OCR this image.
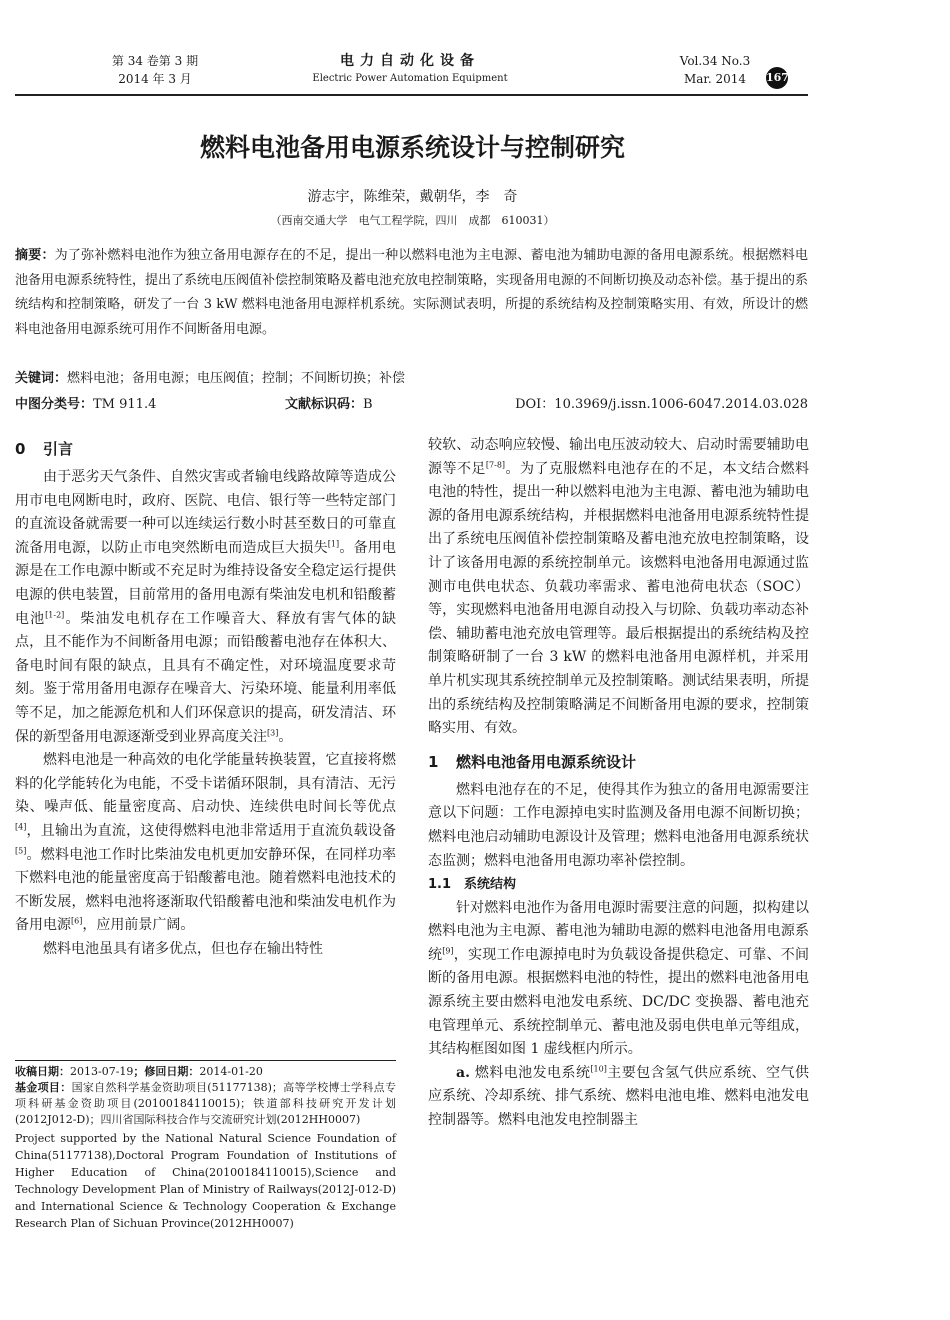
第 34 卷第 3 期
2014 年 3 月
电力自动化设备
Electric Power Automation Equipment
Vol.34 No.3
Mar. 2014	167
燃料电池备用电源系统设计与控制研究
游志宇，陈维荣，戴朝华，李　奇
（西南交通大学　电气工程学院，四川　成都　610031）
摘要：为了弥补燃料电池作为独立备用电源存在的不足，提出一种以燃料电池为主电源、蓄电池为辅助电源的备用电源系统。根据燃料电池备用电源系统特性，提出了系统电压阀值补偿控制策略及蓄电池充放电控制策略，实现备用电源的不间断切换及动态补偿。基于提出的系统结构和控制策略，研发了一台 3 kW 燃料电池备用电源样机系统。实际测试表明，所提的系统结构及控制策略实用、有效，所设计的燃料电池备用电源系统可用作不间断备用电源。
关键词：燃料电池；备用电源；电压阀值；控制；不间断切换；补偿
中图分类号：TM 911.4	文献标识码：B	DOI：10.3969/j.issn.1006-6047.2014.03.028
0 引言

由于恶劣天气条件、自然灾害或者输电线路故障等造成公用市电电网断电时，政府、医院、电信、银行等一些特定部门的直流设备就需要一种可以连续运行数小时甚至数日的可靠直流备用电源，以防止市电突然断电而造成巨大损失[1]。备用电源是在工作电源中断或不充足时为维持设备安全稳定运行提供电源的供电装置，目前常用的备用电源有柴油发电机和铅酸蓄电池[1-2]。柴油发电机存在工作噪音大、释放有害气体的缺点，且不能作为不间断备用电源；而铅酸蓄电池存在体积大、备电时间有限的缺点，且具有不确定性，对环境温度要求苛刻。鉴于常用备用电源存在噪音大、污染环境、能量利用率低等不足，加之能源危机和人们环保意识的提高，研发清洁、环保的新型备用电源逐渐受到业界高度关注[3]。

燃料电池是一种高效的电化学能量转换装置，它直接将燃料的化学能转化为电能，不受卡诺循环限制，具有清洁、无污染、噪声低、能量密度高、启动快、连续供电时间长等优点[4]，且输出为直流，这使得燃料电池非常适用于直流负载设备[5]。燃料电池工作时比柴油发电机更加安静环保，在同样功率下燃料电池的能量密度高于铅酸蓄电池。随着燃料电池技术的不断发展，燃料电池将逐渐取代铅酸蓄电池和柴油发电机作为备用电源[6]，应用前景广阔。

燃料电池虽具有诸多优点，但也存在输出特性

收稿日期：2013-07-19；修回日期：2014-01-20

基金项目：国家自然科学基金资助项目(51177138)；高等学校博士学科点专项科研基金资助项目(20100184110015)；铁道部科技研究开发计划(2012J012-D)；四川省国际科技合作与交流研究计划(2012HH0007)

Project supported by the National Natural Science Foundation of China(51177138),Doctoral Program Foundation of Institutions of Higher Education of China(20100184110015),Science and Technology Development Plan of Ministry of Railways(2012J-012-D) and International Science & Technology Cooperation & Exchange Research Plan of Sichuan Province(2012HH0007)

较软、动态响应较慢、输出电压波动较大、启动时需要辅助电源等不足[7-8]。为了克服燃料电池存在的不足，本文结合燃料电池的特性，提出一种以燃料电池为主电源、蓄电池为辅助电源的备用电源系统结构，并根据燃料电池备用电源系统特性提出了系统电压阀值补偿控制策略及蓄电池充放电控制策略，设计了该备用电源的系统控制单元。该燃料电池备用电源通过监测市电供电状态、负载功率需求、蓄电池荷电状态（SOC）等，实现燃料电池备用电源自动投入与切除、负载功率动态补偿、辅助蓄电池充放电管理等。最后根据提出的系统结构及控制策略研制了一台 3 kW 的燃料电池备用电源样机，并采用单片机实现其系统控制单元及控制策略。测试结果表明，所提出的系统结构及控制策略满足不间断备用电源的要求，控制策略实用、有效。

1 燃料电池备用电源系统设计

燃料电池存在的不足，使得其作为独立的备用电源需要注意以下问题：工作电源掉电实时监测及备用电源不间断切换；燃料电池启动辅助电源设计及管理；燃料电池备用电源系统状态监测；燃料电池备用电源功率补偿控制。

1.1 系统结构

针对燃料电池作为备用电源时需要注意的问题，拟构建以燃料电池为主电源、蓄电池为辅助电源的燃料电池备用电源系统[9]，实现工作电源掉电时为负载设备提供稳定、可靠、不间断的备用电源。根据燃料电池的特性，提出的燃料电池备用电源系统主要由燃料电池发电系统、DC/DC 变换器、蓄电池充电管理单元、系统控制单元、蓄电池及弱电供电单元等组成，其结构框图如图 1 虚线框内所示。

a. 燃料电池发电系统[10]主要包含氢气供应系统、空气供应系统、冷却系统、排气系统、燃料电池电堆、燃料电池发电控制器等。燃料电池发电控制器主
